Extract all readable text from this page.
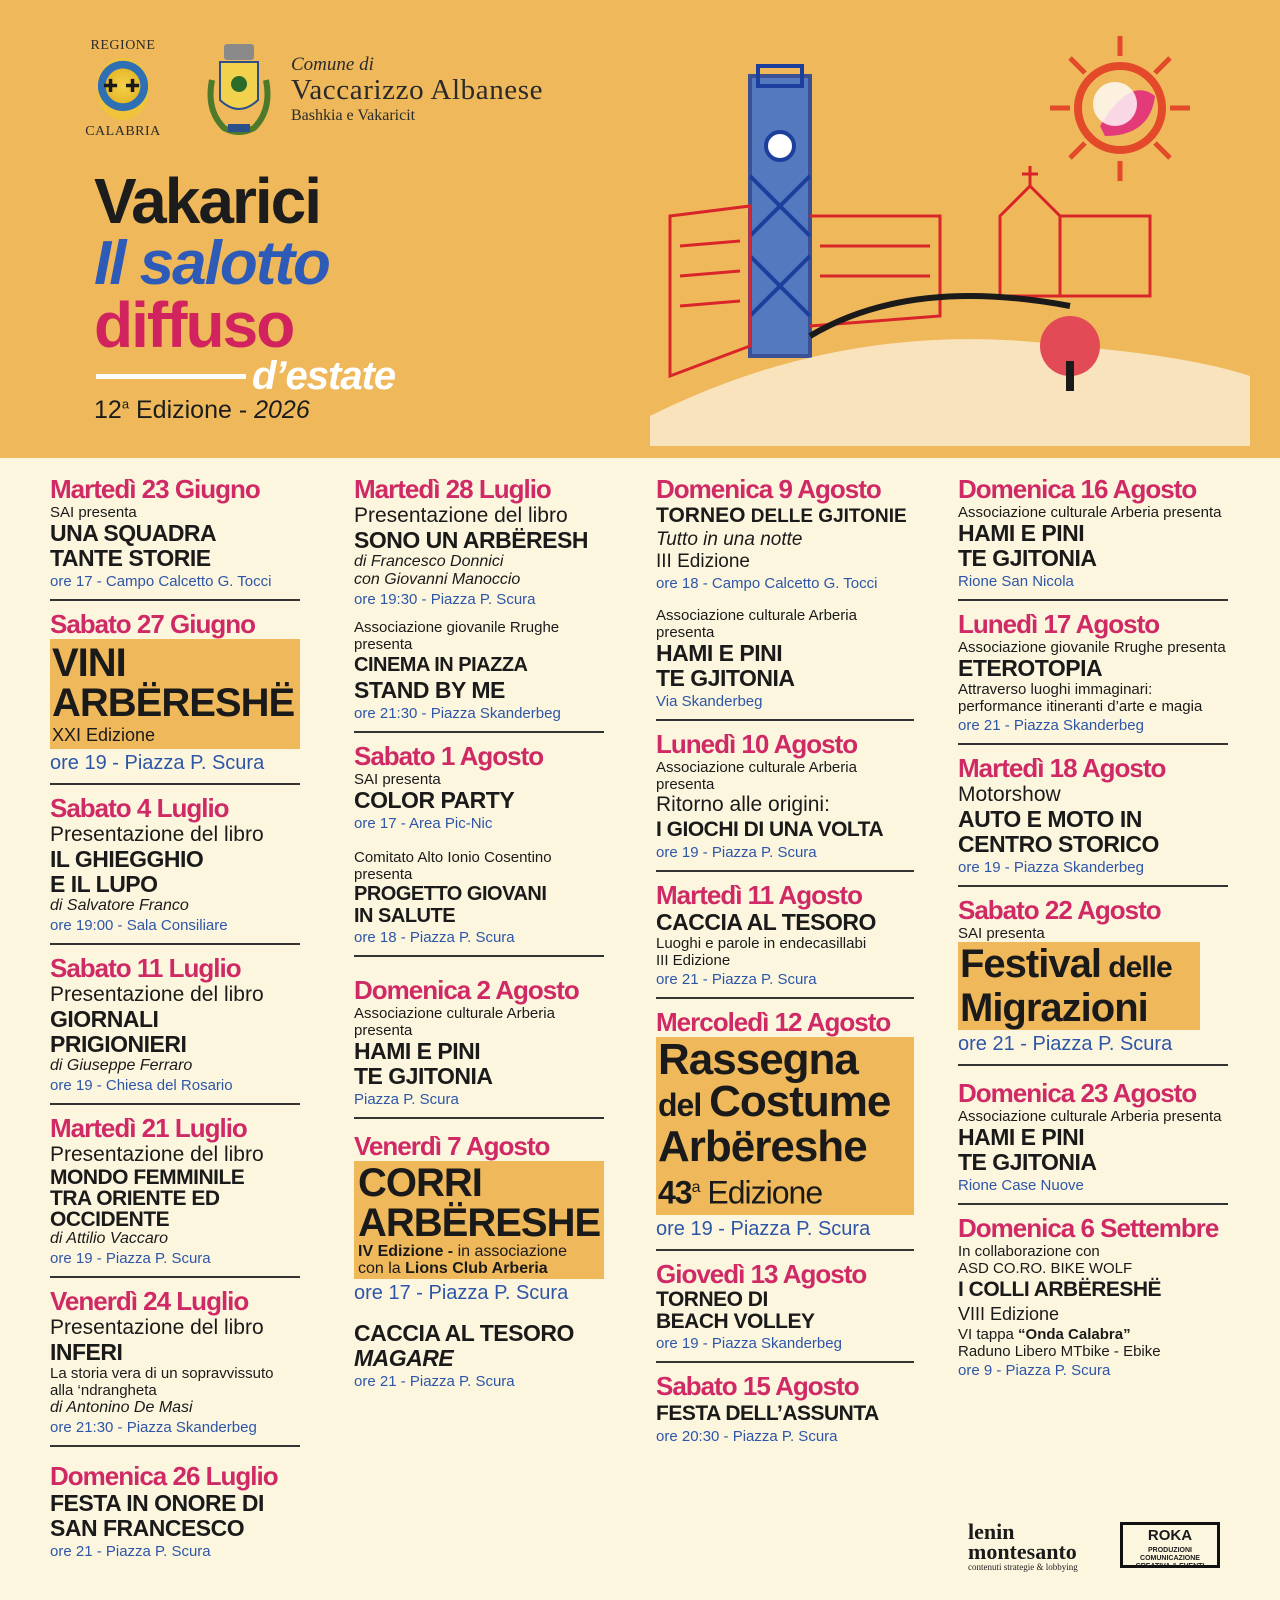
REGIONE
✚ ✚
CALABRIA
Comune di
Vaccarizzo Albanese
Bashkia e Vakaricit
Vakarici
Il salotto
diffuso
d’estate
12$^a$ Edizione - 2026
Martedì 23 Giugno
SAI presenta
UNA SQUADRA
TANTE STORIE
ore 17 - Campo Calcetto G. Tocci
Sabato 27 Giugno
VINI
ARBËRESHË
XXI Edizione
ore 19 - Piazza P. Scura
Sabato 4 Luglio
Presentazione del libro
IL GHIEGGHIO
E IL LUPO
di Salvatore Franco
ore 19:00 - Sala Consiliare
Sabato 11 Luglio
Presentazione del libro
GIORNALI
PRIGIONIERI
di Giuseppe Ferraro
ore 19 - Chiesa del Rosario
Martedì 21 Luglio
Presentazione del libro
MONDO FEMMINILE
TRA ORIENTE ED
OCCIDENTE
di Attilio Vaccaro
ore 19 - Piazza P. Scura
Venerdì 24 Luglio
Presentazione del libro
INFERI
La storia vera di un sopravvissuto alla ‘ndrangheta
di Antonino De Masi
ore 21:30 - Piazza Skanderbeg
Domenica 26 Luglio
FESTA IN ONORE DI
SAN FRANCESCO
ore 21 - Piazza P. Scura
Martedì 28 Luglio
Presentazione del libro
SONO UN ARBËRESH
di Francesco Donnici
con Giovanni Manoccio
ore 19:30 - Piazza P. Scura
Associazione giovanile Rrughe presenta
CINEMA IN PIAZZA
STAND BY ME
ore 21:30 - Piazza Skanderbeg
Sabato 1 Agosto
SAI presenta
COLOR PARTY
ore 17 - Area Pic-Nic
Comitato Alto Ionio Cosentino presenta
PROGETTO GIOVANI
IN SALUTE
ore 18 - Piazza P. Scura
Domenica 2 Agosto
Associazione culturale Arberia presenta
HAMI E PINI
TE GJITONIA
Piazza P. Scura
Venerdì 7 Agosto
CORRI
ARBËRESHE
IV Edizione - in associazione
con la Lions Club Arberia
ore 17 - Piazza P. Scura
CACCIA AL TESORO
MAGARE
ore 21 - Piazza P. Scura
Domenica 9 Agosto
TORNEO DELLE GJITONIE
Tutto in una notte
III Edizione
ore 18 - Campo Calcetto G. Tocci
Associazione culturale Arberia presenta
HAMI E PINI
TE GJITONIA
Via Skanderbeg
Lunedì 10 Agosto
Associazione culturale Arberia presenta
Ritorno alle origini:
I GIOCHI DI UNA VOLTA
ore 19 - Piazza P. Scura
Martedì 11 Agosto
CACCIA AL TESORO
Luoghi e parole in endecasillabi
III Edizione
ore 21 - Piazza P. Scura
Mercoledì 12 Agosto
Rassegna
del Costume
Arbëreshe
43$^a$ Edizione
ore 19 - Piazza P. Scura
Giovedì 13 Agosto
TORNEO DI
BEACH VOLLEY
ore 19 - Piazza Skanderbeg
Sabato 15 Agosto
FESTA DELL’ASSUNTA
ore 20:30 - Piazza P. Scura
Domenica 16 Agosto
Associazione culturale Arberia presenta
HAMI E PINI
TE GJITONIA
Rione San Nicola
Lunedì 17 Agosto
Associazione giovanile Rrughe presenta
ETEROTOPIA
Attraverso luoghi immaginari: performance itineranti d’arte e magia
ore 21 - Piazza Skanderbeg
Martedì 18 Agosto
Motorshow
AUTO E MOTO IN
CENTRO STORICO
ore 19 - Piazza Skanderbeg
Sabato 22 Agosto
SAI presenta
Festival delle
Migrazioni
ore 21 - Piazza P. Scura
Domenica 23 Agosto
Associazione culturale Arberia presenta
HAMI E PINI
TE GJITONIA
Rione Case Nuove
Domenica 6 Settembre
In collaborazione con
ASD CO.RO. BIKE WOLF
I COLLI ARBËRESHË
VIII Edizione
VI tappa “Onda Calabra”
Raduno Libero MTbike - Ebike
ore 9 - Piazza P. Scura
lenin
montesanto
contenuti strategie & lobbying
ROKA
PRODUZIONI
COMUNICAZIONE CREATIVA & EVENTI
